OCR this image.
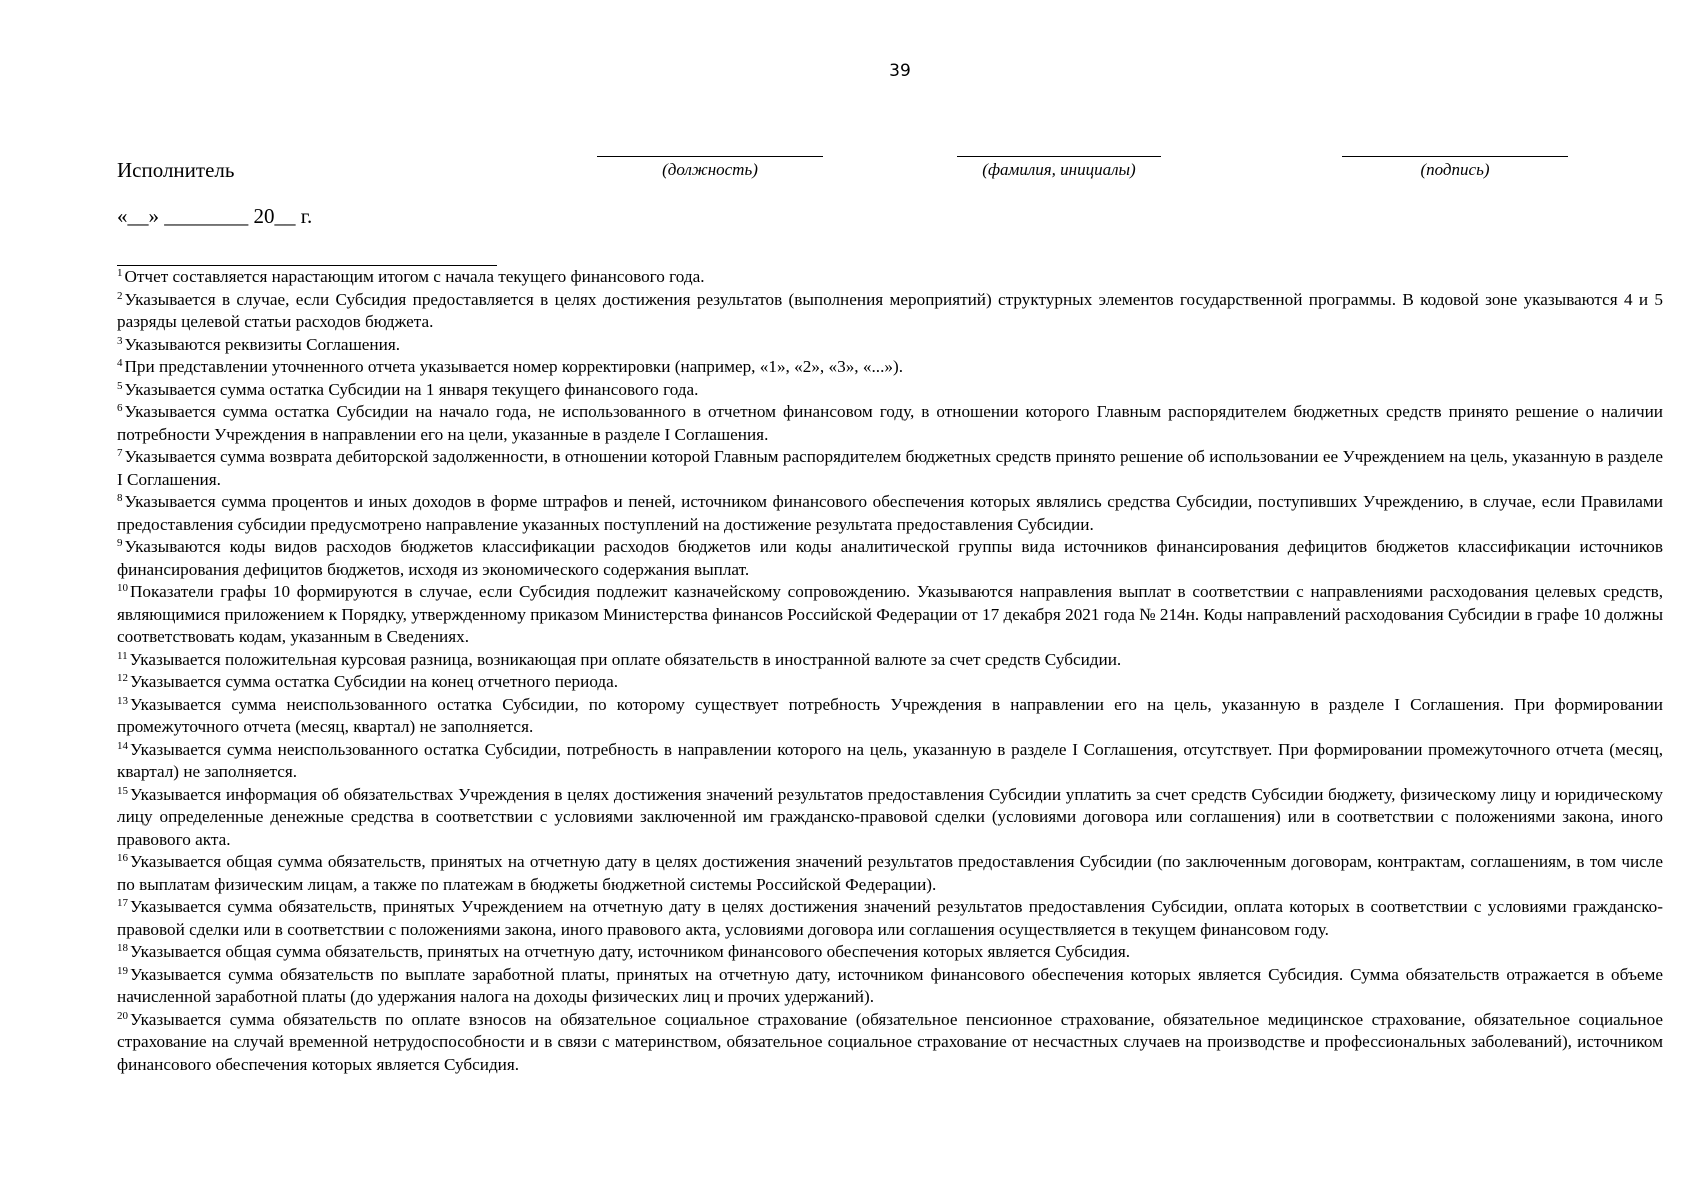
39
Исполнитель	(должность)	(фамилия, инициалы)	(подпись)
«__» ________ 20__ г.

$^1$ Отчет составляется нарастающим итогом с начала текущего финансового года.

$^2$ Указывается в случае, если Субсидия предоставляется в целях достижения результатов (выполнения мероприятий) структурных элементов государственной программы. В кодовой зоне указываются 4 и 5 разряды целевой статьи расходов бюджета.

$^3$ Указываются реквизиты Соглашения.

$^4$ При представлении уточненного отчета указывается номер корректировки (например, «1», «2», «3», «...»).

$^5$ Указывается сумма остатка Субсидии на 1 января текущего финансового года.

$^6$ Указывается сумма остатка Субсидии на начало года, не использованного в отчетном финансовом году, в отношении которого Главным распорядителем бюджетных средств принято решение о наличии потребности Учреждения в направлении его на цели, указанные в разделе I Соглашения.

$^7$ Указывается сумма возврата дебиторской задолженности, в отношении которой Главным распорядителем бюджетных средств принято решение об использовании ее Учреждением на цель, указанную в разделе I Соглашения.

$^8$ Указывается сумма процентов и иных доходов в форме штрафов и пеней, источником финансового обеспечения которых являлись средства Субсидии, поступивших Учреждению, в случае, если Правилами предоставления субсидии предусмотрено направление указанных поступлений на достижение результата предоставления Субсидии.

$^9$ Указываются коды видов расходов бюджетов классификации расходов бюджетов или коды аналитической группы вида источников финансирования дефицитов бюджетов классификации источников финансирования дефицитов бюджетов, исходя из экономического содержания выплат.

$^{10}$ Показатели графы 10 формируются в случае, если Субсидия подлежит казначейскому сопровождению. Указываются направления выплат в соответствии с направлениями расходования целевых средств, являющимися приложением к Порядку, утвержденному приказом Министерства финансов Российской Федерации от 17 декабря 2021 года № 214н. Коды направлений расходования Субсидии в графе 10 должны соответствовать кодам, указанным в Сведениях.

$^{11}$ Указывается положительная курсовая разница, возникающая при оплате обязательств в иностранной валюте за счет средств Субсидии.

$^{12}$ Указывается сумма остатка Субсидии на конец отчетного периода.

$^{13}$ Указывается сумма неиспользованного остатка Субсидии, по которому существует потребность Учреждения в направлении его на цель, указанную в разделе I Соглашения. При формировании промежуточного отчета (месяц, квартал) не заполняется.

$^{14}$ Указывается сумма неиспользованного остатка Субсидии, потребность в направлении которого на цель, указанную в разделе I Соглашения, отсутствует. При формировании промежуточного отчета (месяц, квартал) не заполняется.

$^{15}$ Указывается информация об обязательствах Учреждения в целях достижения значений результатов предоставления Субсидии уплатить за счет средств Субсидии бюджету, физическому лицу и юридическому лицу определенные денежные средства в соответствии с условиями заключенной им гражданско-правовой сделки (условиями договора или соглашения) или в соответствии с положениями закона, иного правового акта.

$^{16}$ Указывается общая сумма обязательств, принятых на отчетную дату в целях достижения значений результатов предоставления Субсидии (по заключенным договорам, контрактам, соглашениям, в том числе по выплатам физическим лицам, а также по платежам в бюджеты бюджетной системы Российской Федерации).

$^{17}$ Указывается сумма обязательств, принятых Учреждением на отчетную дату в целях достижения значений результатов предоставления Субсидии, оплата которых в соответствии с условиями гражданско-правовой сделки или в соответствии с положениями закона, иного правового акта, условиями договора или соглашения осуществляется в текущем финансовом году.

$^{18}$ Указывается общая сумма обязательств, принятых на отчетную дату, источником финансового обеспечения которых является Субсидия.

$^{19}$ Указывается сумма обязательств по выплате заработной платы, принятых на отчетную дату, источником финансового обеспечения которых является Субсидия. Сумма обязательств отражается в объеме начисленной заработной платы (до удержания налога на доходы физических лиц и прочих удержаний).

$^{20}$ Указывается сумма обязательств по оплате взносов на обязательное социальное страхование (обязательное пенсионное страхование, обязательное медицинское страхование, обязательное социальное страхование на случай временной нетрудоспособности и в связи с материнством, обязательное социальное страхование от несчастных случаев на производстве и профессиональных заболеваний), источником финансового обеспечения которых является Субсидия.
